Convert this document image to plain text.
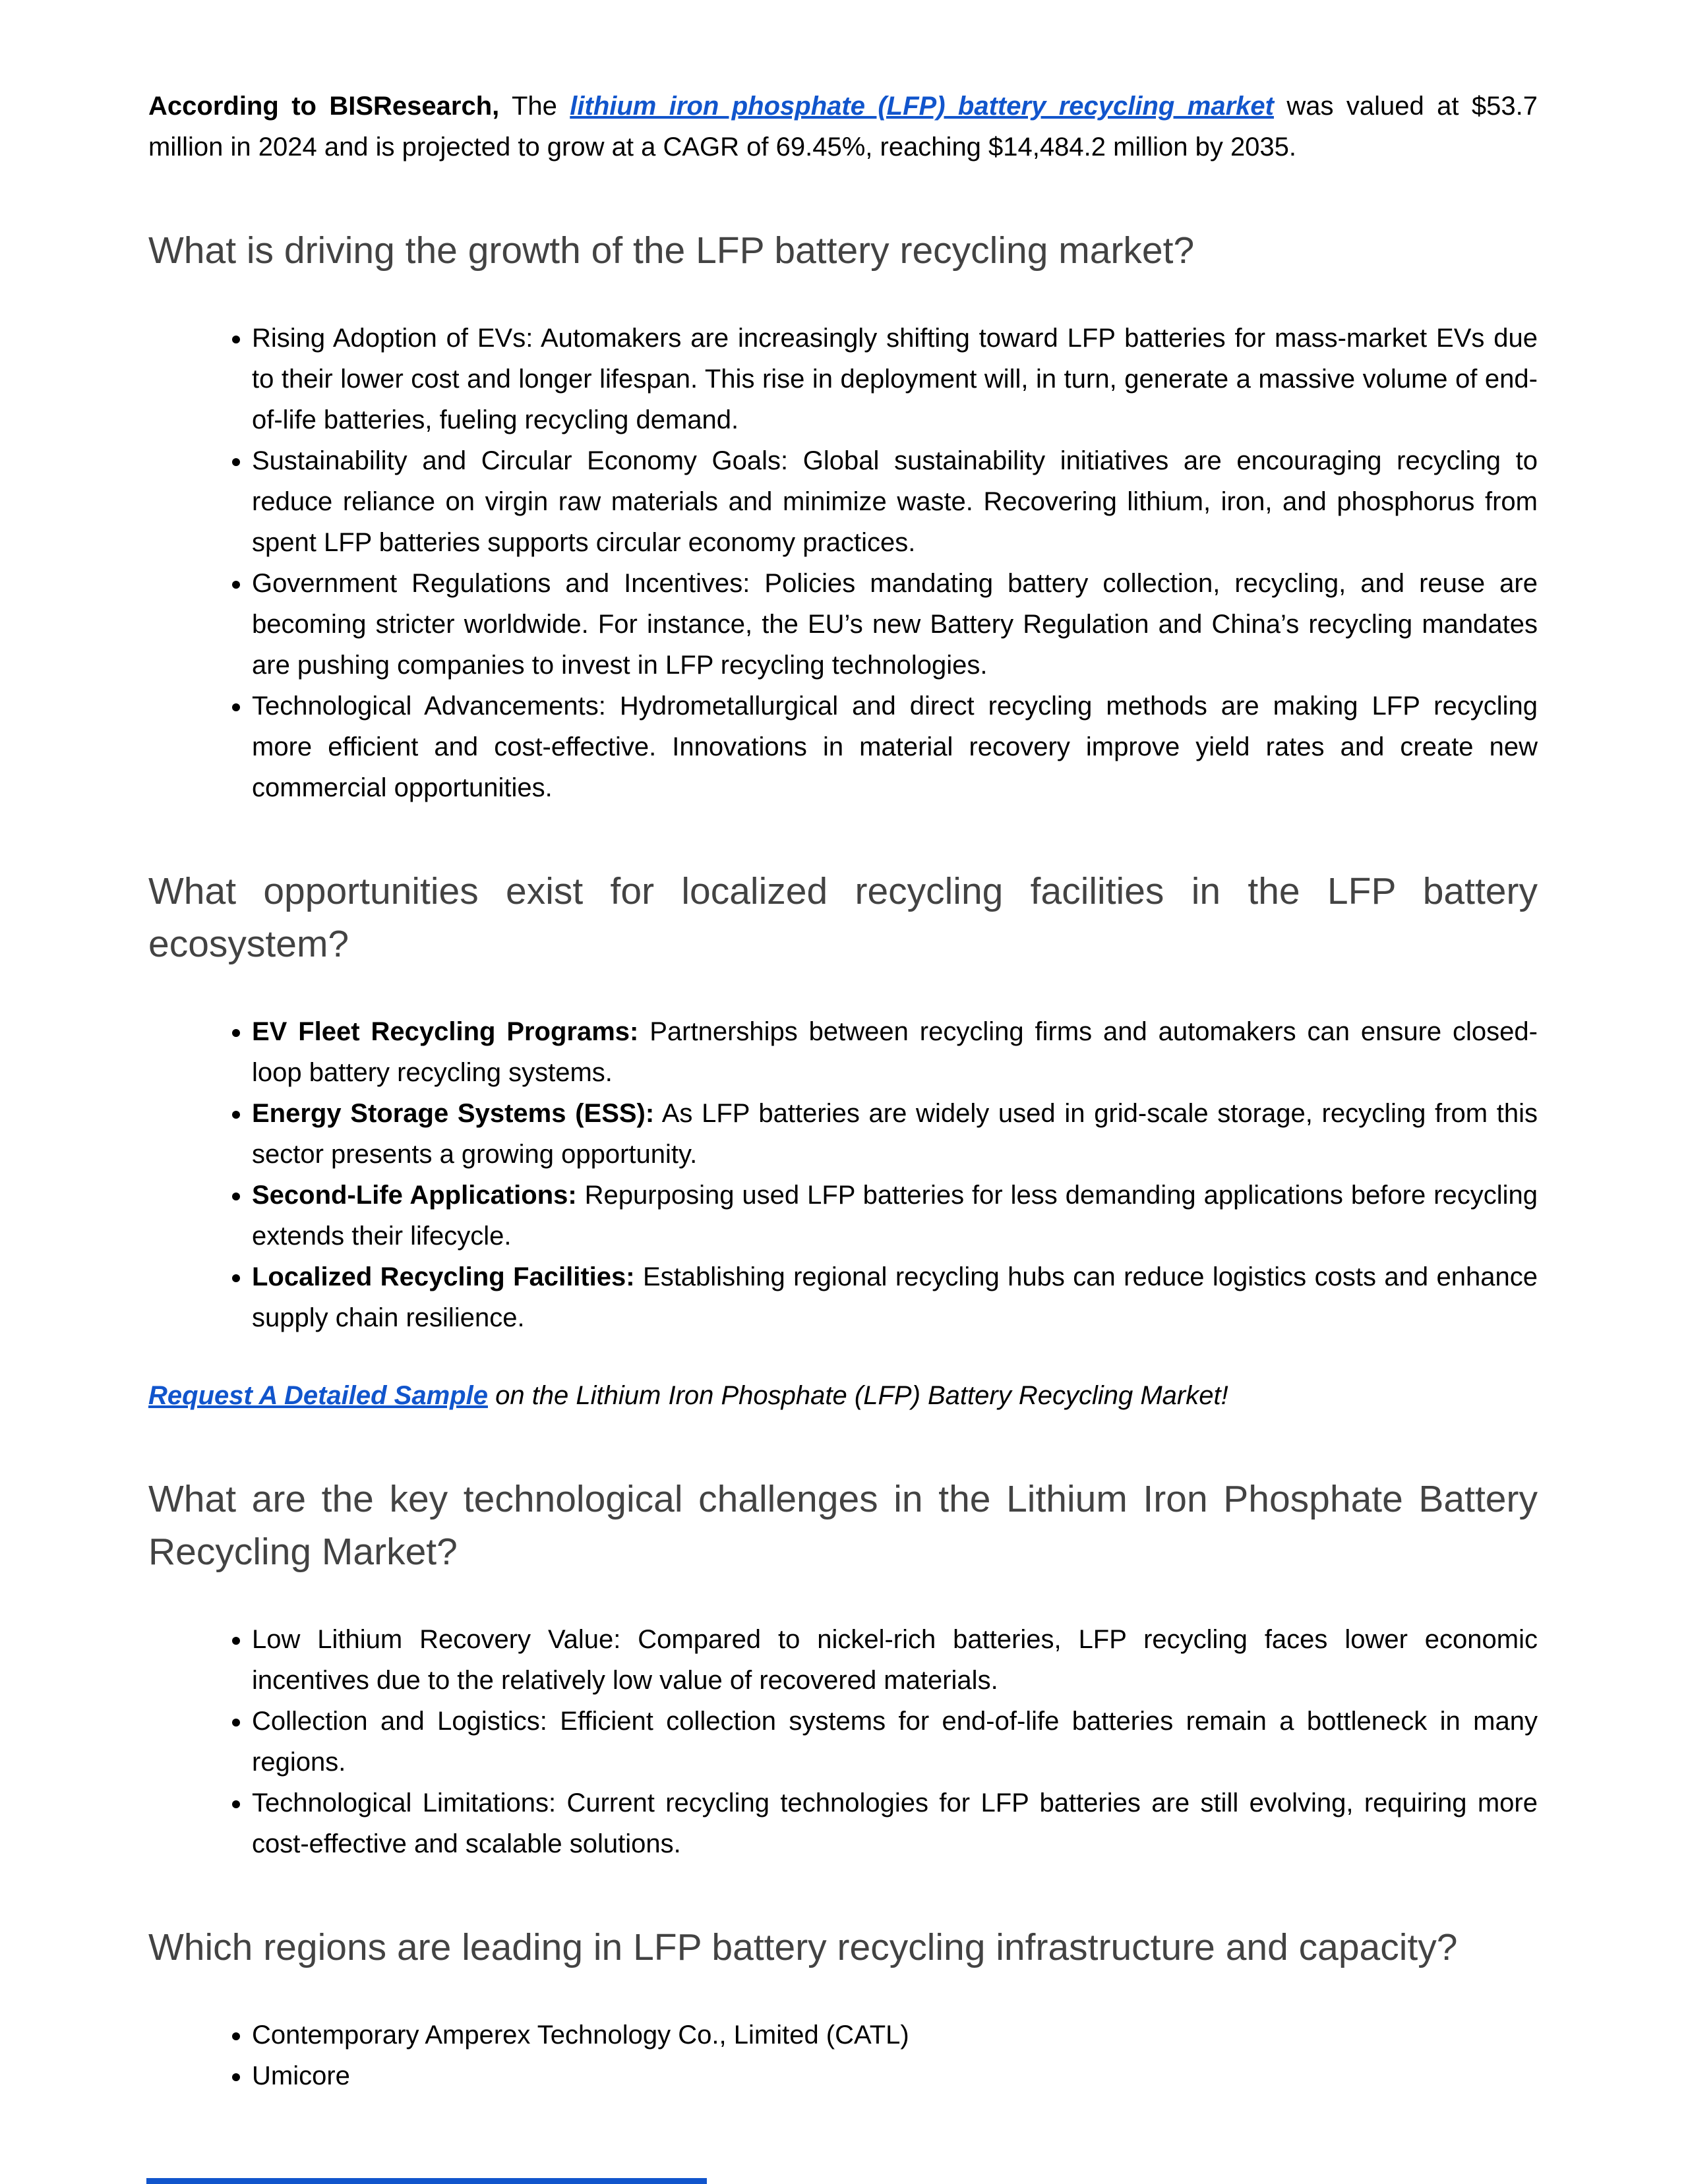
According to BISResearch, The lithium iron phosphate (LFP) battery recycling market was valued at $53.7 million in 2024 and is projected to grow at a CAGR of 69.45%, reaching $14,484.2 million by 2035.

What is driving the growth of the LFP battery recycling market?
• Rising Adoption of EVs: Automakers are increasingly shifting toward LFP batteries for mass-market EVs due to their lower cost and longer lifespan. This rise in deployment will, in turn, generate a massive volume of end-of-life batteries, fueling recycling demand.
• Sustainability and Circular Economy Goals: Global sustainability initiatives are encouraging recycling to reduce reliance on virgin raw materials and minimize waste. Recovering lithium, iron, and phosphorus from spent LFP batteries supports circular economy practices.
• Government Regulations and Incentives: Policies mandating battery collection, recycling, and reuse are becoming stricter worldwide. For instance, the EU’s new Battery Regulation and China’s recycling mandates are pushing companies to invest in LFP recycling technologies.
• Technological Advancements: Hydrometallurgical and direct recycling methods are making LFP recycling more efficient and cost-effective. Innovations in material recovery improve yield rates and create new commercial opportunities.
What opportunities exist for localized recycling facilities in the LFP battery ecosystem?
• EV Fleet Recycling Programs: Partnerships between recycling firms and automakers can ensure closed-loop battery recycling systems.
• Energy Storage Systems (ESS): As LFP batteries are widely used in grid-scale storage, recycling from this sector presents a growing opportunity.
• Second-Life Applications: Repurposing used LFP batteries for less demanding applications before recycling extends their lifecycle.
• Localized Recycling Facilities: Establishing regional recycling hubs can reduce logistics costs and enhance supply chain resilience.

Request A Detailed Sample on the Lithium Iron Phosphate (LFP) Battery Recycling Market!

What are the key technological challenges in the Lithium Iron Phosphate Battery Recycling Market?
• Low Lithium Recovery Value: Compared to nickel-rich batteries, LFP recycling faces lower economic incentives due to the relatively low value of recovered materials.
• Collection and Logistics: Efficient collection systems for end-of-life batteries remain a bottleneck in many regions.
• Technological Limitations: Current recycling technologies for LFP batteries are still evolving, requiring more cost-effective and scalable solutions.
Which regions are leading in LFP battery recycling infrastructure and capacity?
• Contemporary Amperex Technology Co., Limited (CATL)
• Umicore
